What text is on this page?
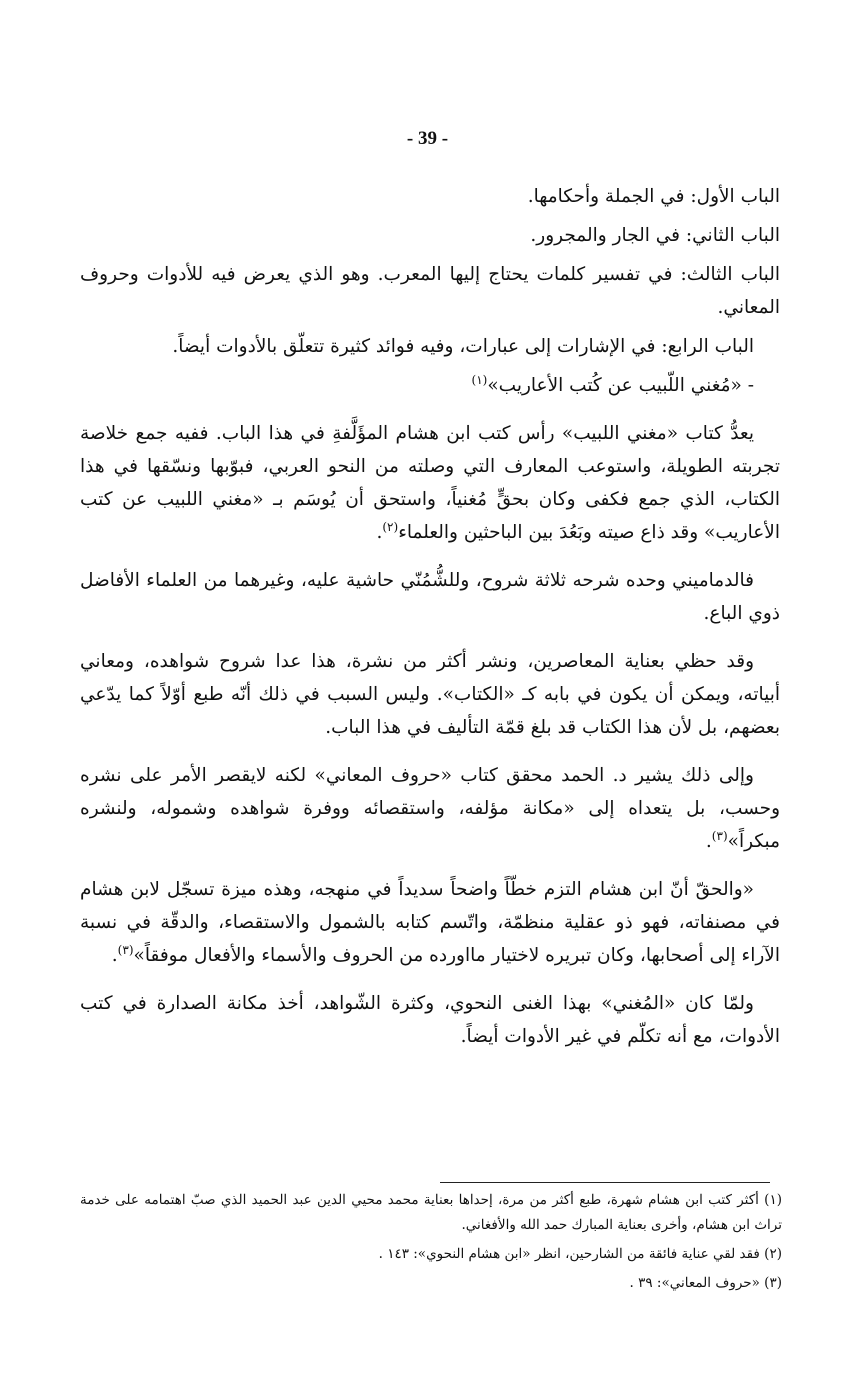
- 39 -

الباب الأول: في الجملة وأحكامها.

الباب الثاني: في الجار والمجرور.

الباب الثالث: في تفسير كلمات يحتاج إليها المعرب. وهو الذي يعرض فيه للأدوات وحروف المعاني.

الباب الرابع: في الإشارات إلى عبارات، وفيه فوائد كثيرة تتعلّق بالأدوات أيضاً.

- «مُغني اللّبيب عن كُتب الأعاريب»$^{(١)}$

يعدُّ كتاب «مغني اللبيب» رأس كتب ابن هشام المؤَلَّفةِ في هذا الباب. ففيه جمع خلاصة تجربته الطويلة، واستوعب المعارف التي وصلته من النحو العربي، فبوّبها ونسّقها في هذا الكتاب، الذي جمع فكفى وكان بحقٍّ مُغنياً، واستحق أن يُوسَم بـ «مغني اللبيب عن كتب الأعاريب» وقد ذاع صيته وبَعُدَ بين الباحثين والعلماء$^{(٢)}$.

فالدماميني وحده شرحه ثلاثة شروح، وللشُّمُنّي حاشية عليه، وغيرهما من العلماء الأفاضل ذوي الباع.

وقد حظي بعناية المعاصرين، ونشر أكثر من نشرة، هذا عدا شروح شواهده، ومعاني أبياته، ويمكن أن يكون في بابه كـ «الكتاب». وليس السبب في ذلك أنّه طبع أوّلاً كما يدّعي بعضهم، بل لأن هذا الكتاب قد بلغ قمّة التأليف في هذا الباب.

وإلى ذلك يشير د. الحمد محقق كتاب «حروف المعاني» لكنه لايقصر الأمر على نشره وحسب، بل يتعداه إلى «مكانة مؤلفه، واستقصائه ووفرة شواهده وشموله، ولنشره مبكراً»$^{(٣)}$.

«والحقّ أنّ ابن هشام التزم خطّاً واضحاً سديداً في منهجه، وهذه ميزة تسجّل لابن هشام في مصنفاته، فهو ذو عقلية منظمّة، واتّسم كتابه بالشمول والاستقصاء، والدقّة في نسبة الآراء إلى أصحابها، وكان تبريره لاختيار مااورده من الحروف والأسماء والأفعال موفقاً»$^{(٣)}$.

ولمّا كان «المُغني» بهذا الغنى النحوي، وكثرة الشّواهد، أخذ مكانة الصدارة في كتب الأدوات، مع أنه تكلّم في غير الأدوات أيضاً.

(١) أكثر كتب ابن هشام شهرة، طبع أكثر من مرة، إحداها بعناية محمد محيي الدين عبد الحميد الذي صبّ اهتمامه على خدمة تراث ابن هشام، وأخرى بعناية المبارك حمد الله والأفغاني.

(٢) فقد لقي عناية فائقة من الشارحين، انظر «ابن هشام النحوي»: ١٤٣ .

(٣) «حروف المعاني»: ٣٩ .
